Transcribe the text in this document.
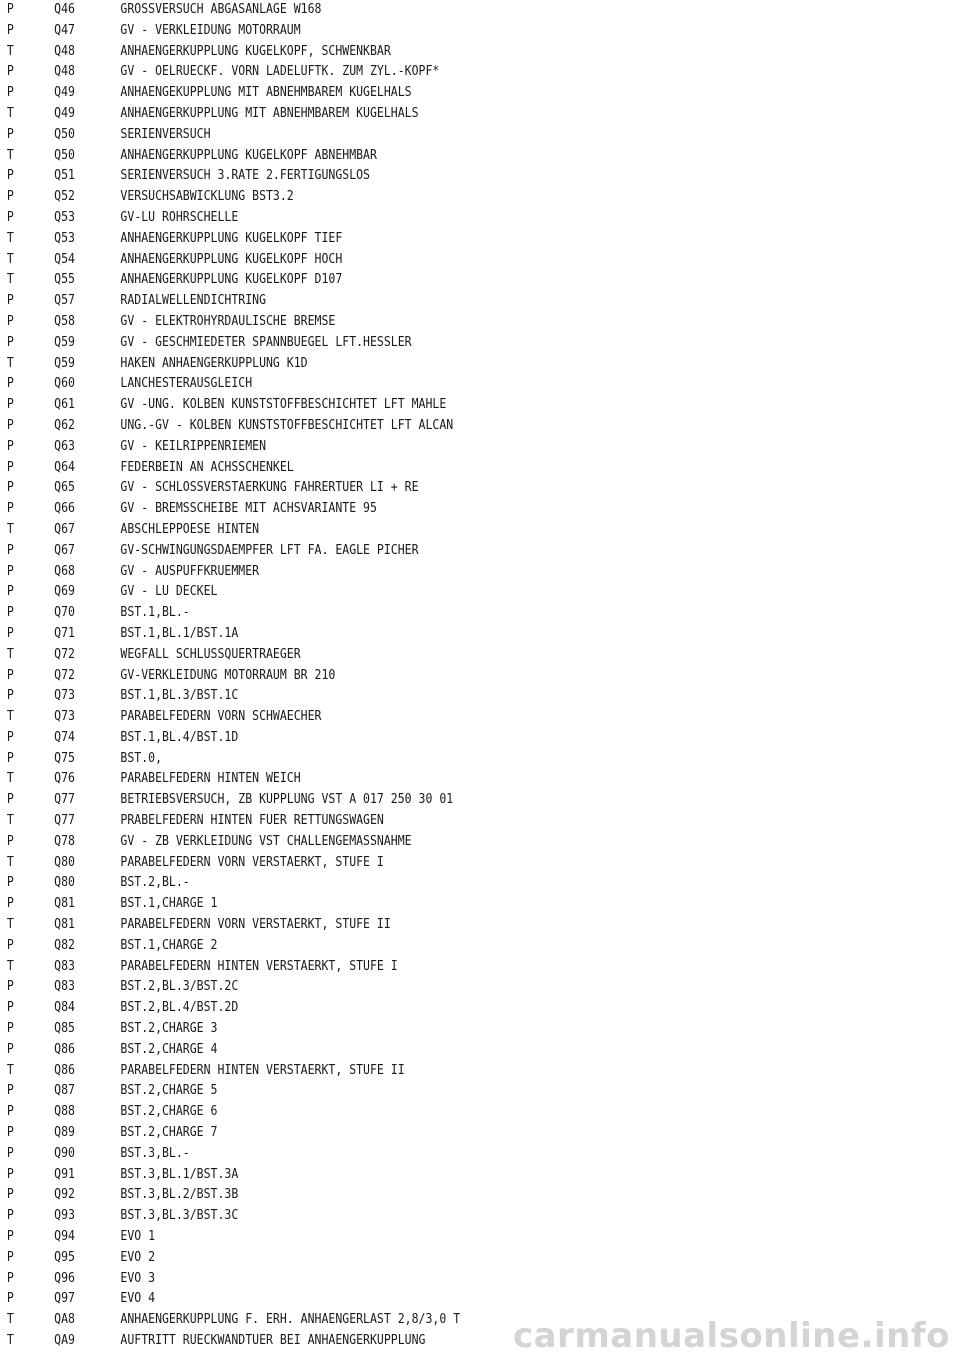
P	Q46	GROSSVERSUCH ABGASANLAGE W168
P	Q47	GV - VERKLEIDUNG MOTORRAUM
T	Q48	ANHAENGERKUPPLUNG KUGELKOPF, SCHWENKBAR
P	Q48	GV - OELRUECKF. VORN LADELUFTK. ZUM ZYL.-KOPF*
P	Q49	ANHAENGEKUPPLUNG MIT ABNEHMBAREM KUGELHALS
T	Q49	ANHAENGERKUPPLUNG MIT ABNEHMBAREM KUGELHALS
P	Q50	SERIENVERSUCH
T	Q50	ANHAENGERKUPPLUNG KUGELKOPF ABNEHMBAR
P	Q51	SERIENVERSUCH 3.RATE 2.FERTIGUNGSLOS
P	Q52	VERSUCHSABWICKLUNG BST3.2
P	Q53	GV-LU ROHRSCHELLE
T	Q53	ANHAENGERKUPPLUNG KUGELKOPF TIEF
T	Q54	ANHAENGERKUPPLUNG KUGELKOPF HOCH
T	Q55	ANHAENGERKUPPLUNG KUGELKOPF D107
P	Q57	RADIALWELLENDICHTRING
P	Q58	GV - ELEKTROHYRDAULISCHE BREMSE
P	Q59	GV - GESCHMIEDETER SPANNBUEGEL LFT.HESSLER
T	Q59	HAKEN ANHAENGERKUPPLUNG K1D
P	Q60	LANCHESTERAUSGLEICH
P	Q61	GV -UNG. KOLBEN KUNSTSTOFFBESCHICHTET LFT MAHLE
P	Q62	UNG.-GV - KOLBEN KUNSTSTOFFBESCHICHTET LFT ALCAN
P	Q63	GV - KEILRIPPENRIEMEN
P	Q64	FEDERBEIN AN ACHSSCHENKEL
P	Q65	GV - SCHLOSSVERSTAERKUNG FAHRERTUER LI + RE
P	Q66	GV - BREMSSCHEIBE MIT ACHSVARIANTE 95
T	Q67	ABSCHLEPPOESE HINTEN
P	Q67	GV-SCHWINGUNGSDAEMPFER LFT FA. EAGLE PICHER
P	Q68	GV - AUSPUFFKRUEMMER
P	Q69	GV - LU DECKEL
P	Q70	BST.1,BL.-
P	Q71	BST.1,BL.1/BST.1A
T	Q72	WEGFALL SCHLUSSQUERTRAEGER
P	Q72	GV-VERKLEIDUNG MOTORRAUM BR 210
P	Q73	BST.1,BL.3/BST.1C
T	Q73	PARABELFEDERN VORN SCHWAECHER
P	Q74	BST.1,BL.4/BST.1D
P	Q75	BST.0,
T	Q76	PARABELFEDERN HINTEN WEICH
P	Q77	BETRIEBSVERSUCH, ZB KUPPLUNG VST A 017 250 30 01
T	Q77	PRABELFEDERN HINTEN FUER RETTUNGSWAGEN
P	Q78	GV - ZB VERKLEIDUNG VST CHALLENGEMASSNAHME
T	Q80	PARABELFEDERN VORN VERSTAERKT, STUFE I
P	Q80	BST.2,BL.-
P	Q81	BST.1,CHARGE 1
T	Q81	PARABELFEDERN VORN VERSTAERKT, STUFE II
P	Q82	BST.1,CHARGE 2
T	Q83	PARABELFEDERN HINTEN VERSTAERKT, STUFE I
P	Q83	BST.2,BL.3/BST.2C
P	Q84	BST.2,BL.4/BST.2D
P	Q85	BST.2,CHARGE 3
P	Q86	BST.2,CHARGE 4
T	Q86	PARABELFEDERN HINTEN VERSTAERKT, STUFE II
P	Q87	BST.2,CHARGE 5
P	Q88	BST.2,CHARGE 6
P	Q89	BST.2,CHARGE 7
P	Q90	BST.3,BL.-
P	Q91	BST.3,BL.1/BST.3A
P	Q92	BST.3,BL.2/BST.3B
P	Q93	BST.3,BL.3/BST.3C
P	Q94	EVO 1
P	Q95	EVO 2
P	Q96	EVO 3
P	Q97	EVO 4
T	QA8	ANHAENGERKUPPLUNG F. ERH. ANHAENGERLAST 2,8/3,0 T
T	QA9	AUFTRITT RUECKWANDTUER BEI ANHAENGERKUPPLUNG	carmanualsonline.info
